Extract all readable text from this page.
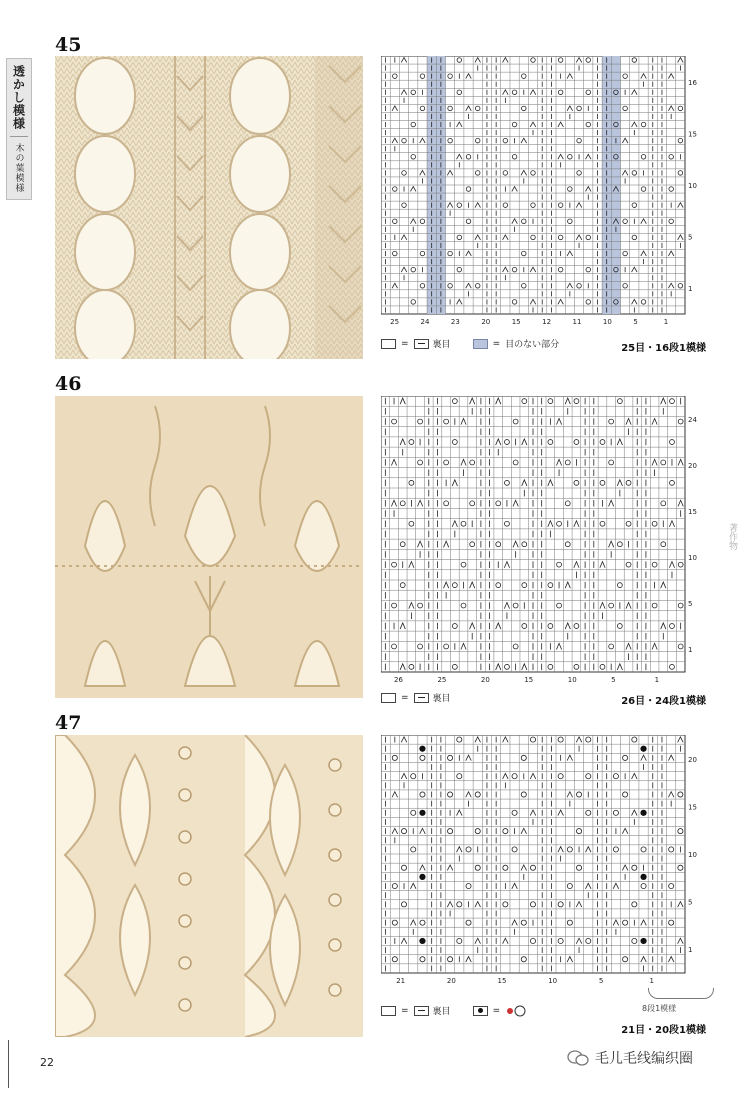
透かし模様
木の葉模様
45
16
15
10
5
1
25	24	23	20	15	12	11	10	5	1
=	裏目	= 目のない部分	25目・16段1模様
46
24
20
15
10
5
1
26	25	20	15	10	5	1
=	裏目	26目・24段1模様
47
20
15
10
5
1
21	20	15	10	5	1
8段1模様
=	裏目	=
21目・20段1模様
著作物
22	毛儿毛线编织圈
